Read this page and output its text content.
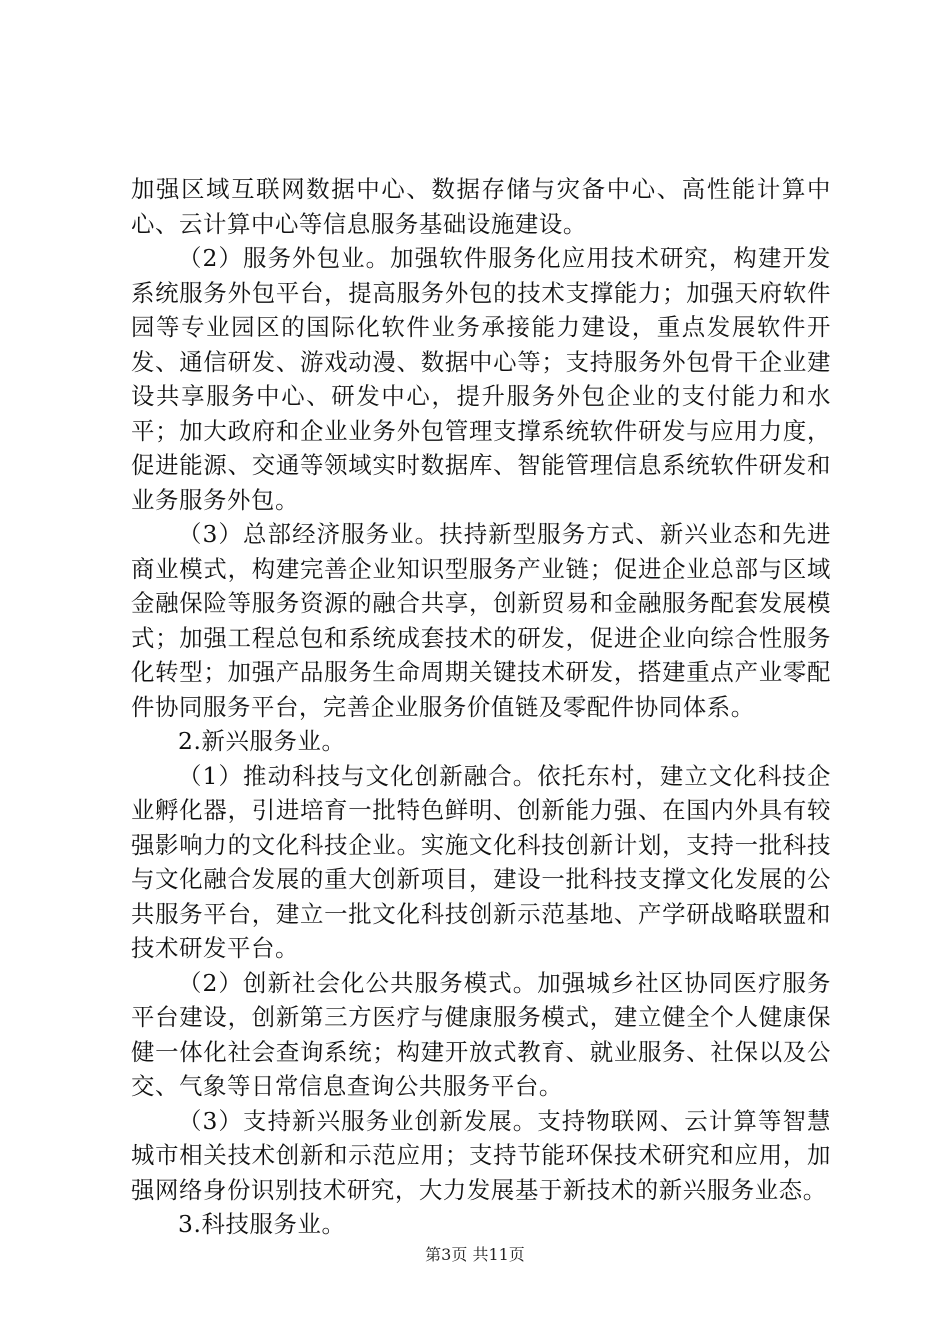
加强区域互联网数据中心、数据存储与灾备中心、高性能计算中心、云计算中心等信息服务基础设施建设。

（2）服务外包业。加强软件服务化应用技术研究，构建开发系统服务外包平台，提高服务外包的技术支撑能力；加强天府软件园等专业园区的国际化软件业务承接能力建设，重点发展软件开发、通信研发、游戏动漫、数据中心等；支持服务外包骨干企业建设共享服务中心、研发中心，提升服务外包企业的支付能力和水平；加大政府和企业业务外包管理支撑系统软件研发与应用力度，促进能源、交通等领域实时数据库、智能管理信息系统软件研发和业务服务外包。

（3）总部经济服务业。扶持新型服务方式、新兴业态和先进商业模式，构建完善企业知识型服务产业链；促进企业总部与区域金融保险等服务资源的融合共享，创新贸易和金融服务配套发展模式；加强工程总包和系统成套技术的研发，促进企业向综合性服务化转型；加强产品服务生命周期关键技术研发，搭建重点产业零配件协同服务平台，完善企业服务价值链及零配件协同体系。

2.新兴服务业。

（1）推动科技与文化创新融合。依托东村，建立文化科技企业孵化器，引进培育一批特色鲜明、创新能力强、在国内外具有较强影响力的文化科技企业。实施文化科技创新计划，支持一批科技与文化融合发展的重大创新项目，建设一批科技支撑文化发展的公共服务平台，建立一批文化科技创新示范基地、产学研战略联盟和技术研发平台。

（2）创新社会化公共服务模式。加强城乡社区协同医疗服务平台建设，创新第三方医疗与健康服务模式，建立健全个人健康保健一体化社会查询系统；构建开放式教育、就业服务、社保以及公交、气象等日常信息查询公共服务平台。

（3）支持新兴服务业创新发展。支持物联网、云计算等智慧城市相关技术创新和示范应用；支持节能环保技术研究和应用，加强网络身份识别技术研究，大力发展基于新技术的新兴服务业态。

3.科技服务业。

第3页 共11页
